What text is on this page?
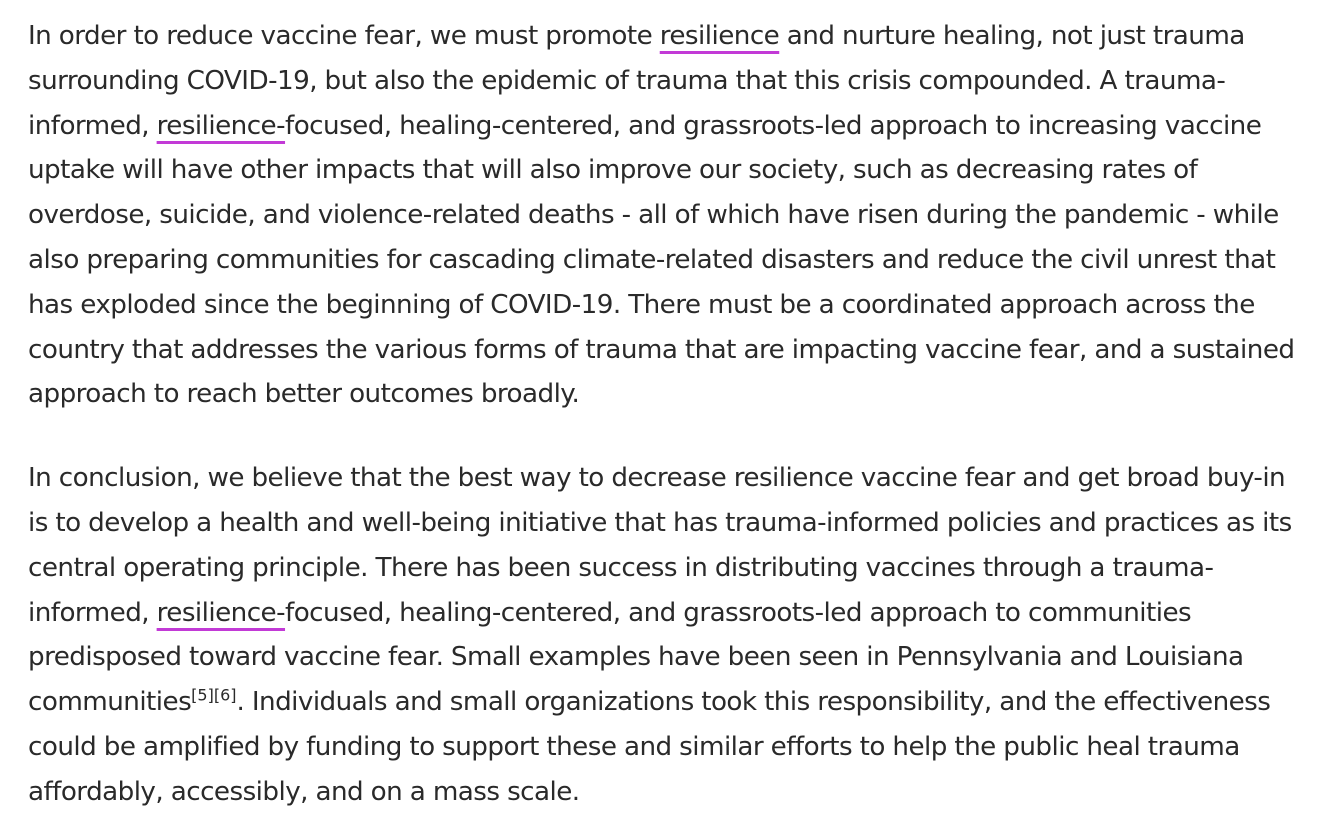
In order to reduce vaccine fear, we must promote resilience and nurture healing, not just trauma surrounding COVID-19, but also the epidemic of trauma that this crisis compounded. A trauma-informed, resilience-focused, healing-centered, and grassroots-led approach to increasing vaccine uptake will have other impacts that will also improve our society, such as decreasing rates of overdose, suicide, and violence-related deaths - all of which have risen during the pandemic - while also preparing communities for cascading climate-related disasters and reduce the civil unrest that has exploded since the beginning of COVID-19. There must be a coordinated approach across the country that addresses the various forms of trauma that are impacting vaccine fear, and a sustained approach to reach better outcomes broadly.

In conclusion, we believe that the best way to decrease resilience vaccine fear and get broad buy-in is to develop a health and well-being initiative that has trauma-informed policies and practices as its central operating principle. There has been success in distributing vaccines through a trauma-informed, resilience-focused, healing-centered, and grassroots-led approach to communities predisposed toward vaccine fear. Small examples have been seen in Pennsylvania and Louisiana communities[5][6]. Individuals and small organizations took this responsibility, and the effectiveness could be amplified by funding to support these and similar efforts to help the public heal trauma affordably, accessibly, and on a mass scale.
